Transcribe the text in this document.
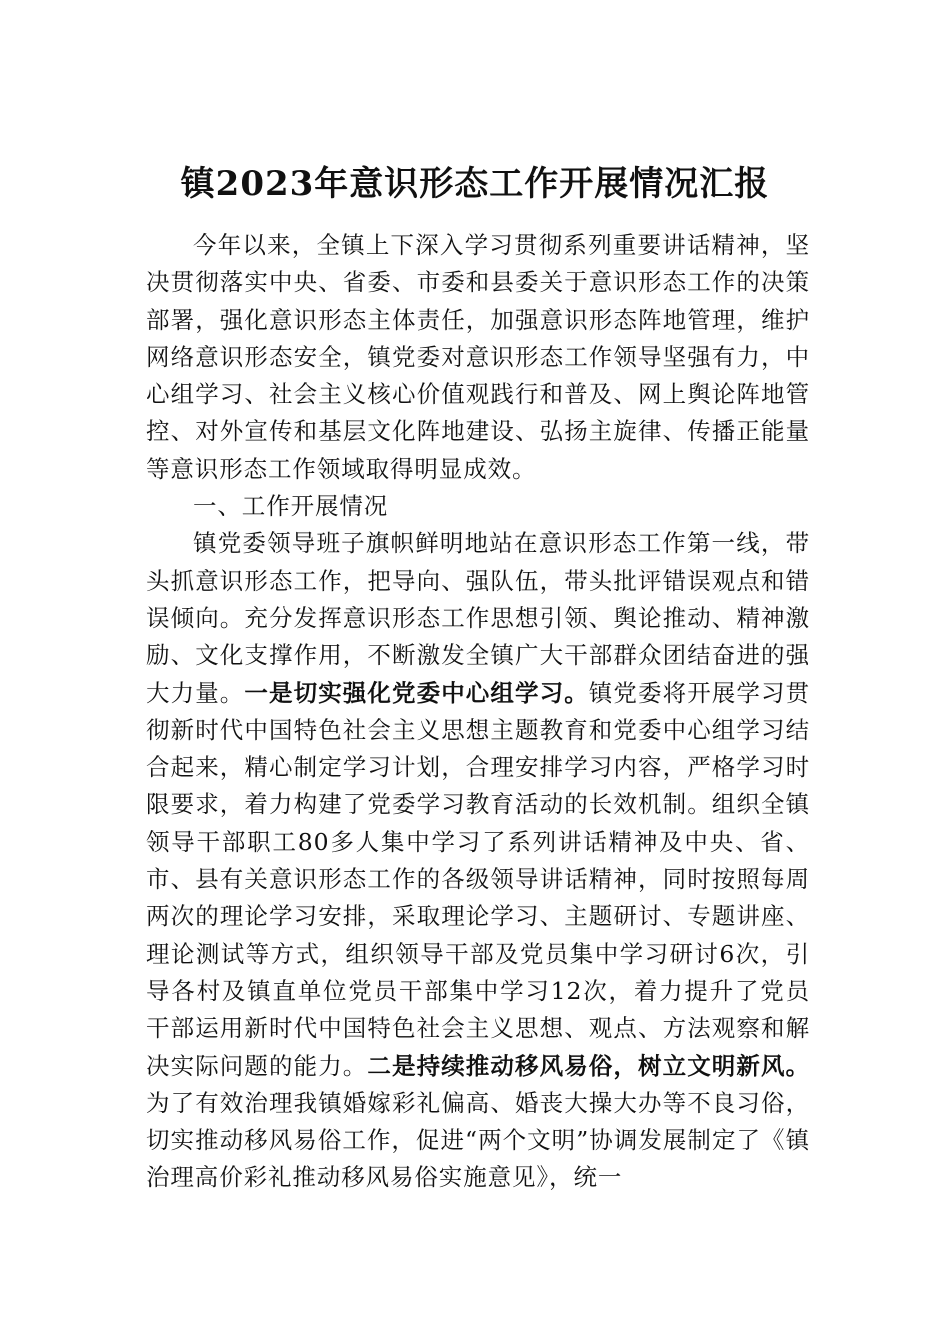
镇2023年意识形态工作开展情况汇报

今年以来，全镇上下深入学习贯彻系列重要讲话精神，坚决贯彻落实中央、省委、市委和县委关于意识形态工作的决策部署，强化意识形态主体责任，加强意识形态阵地管理，维护网络意识形态安全，镇党委对意识形态工作领导坚强有力，中心组学习、社会主义核心价值观践行和普及、网上舆论阵地管控、对外宣传和基层文化阵地建设、弘扬主旋律、传播正能量等意识形态工作领域取得明显成效。

一、工作开展情况

镇党委领导班子旗帜鲜明地站在意识形态工作第一线，带头抓意识形态工作，把导向、强队伍，带头批评错误观点和错误倾向。充分发挥意识形态工作思想引领、舆论推动、精神激励、文化支撑作用，不断激发全镇广大干部群众团结奋进的强大力量。一是切实强化党委中心组学习。镇党委将开展学习贯彻新时代中国特色社会主义思想主题教育和党委中心组学习结合起来，精心制定学习计划，合理安排学习内容，严格学习时限要求，着力构建了党委学习教育活动的长效机制。组织全镇领导干部职工80多人集中学习了系列讲话精神及中央、省、市、县有关意识形态工作的各级领导讲话精神，同时按照每周两次的理论学习安排，采取理论学习、主题研讨、专题讲座、理论测试等方式，组织领导干部及党员集中学习研讨6次，引导各村及镇直单位党员干部集中学习12次，着力提升了党员干部运用新时代中国特色社会主义思想、观点、方法观察和解决实际问题的能力。二是持续推动移风易俗，树立文明新风。为了有效治理我镇婚嫁彩礼偏高、婚丧大操大办等不良习俗，切实推动移风易俗工作，促进“两个文明”协调发展制定了《镇治理高价彩礼推动移风易俗实施意见》，统一
